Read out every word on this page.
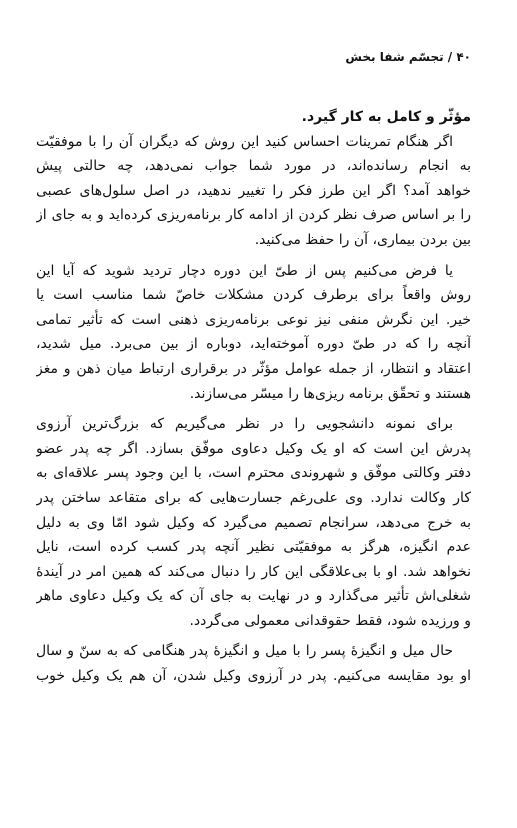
۴۰ / تجسّم شفا بخش
مؤثّر و کامل به کار گیرد.
اگر هنگام تمرینات احساس کنید این روش که دیگران آن را با موفقیّت
به انجام رسانده‌اند، در مورد شما جواب نمی‌دهد، چه حالتی پیش
خواهد آمد؟ اگر این طرز فکر را تغییر ندهید، در اصل سلول‌های عصبی
را بر اساس صرف نظر کردن از ادامه کار برنامه‌ریزی کرده‌اید و به جای از
بین بردن بیماری، آن را حفظ می‌کنید.
یا فرض می‌کنیم پس از طیّ این دوره دچار تردید شوید که آیا این
روش واقعاً برای برطرف کردن مشکلات خاصّ شما مناسب است یا
خیر. این نگرش منفی نیز نوعی برنامه‌ریزی ذهنی است که تأثیر تمامی
آنچه را که در طیّ دوره آموخته‌اید، دوباره از بین می‌برد. میل شدید،
اعتقاد و انتظار، از جمله عوامل مؤثّر در برقراری ارتباط میان ذهن و مغز
هستند و تحقّق برنامه ریزی‌ها را میسّر می‌سازند.
برای نمونه دانشجویی را در نظر می‌گیریم که بزرگ‌ترین آرزوی
پدرش این است که او یک وکیل دعاوی موفّق بسازد. اگر چه پدر عضو
دفتر وکالتی موفّق و شهروندی محترم است، با این وجود پسر علاقه‌ای به
کار وکالت ندارد. وی علی‌رغم جسارت‌هایی که برای متقاعد ساختن پدر
به خرج می‌دهد، سرانجام تصمیم می‌گیرد که وکیل شود امّا وی به دلیل
عدم انگیزه، هرگز به موفقیّتی نظیر آنچه پدر کسب کرده است، نایل
نخواهد شد. او با بی‌علاقگی این کار را دنبال می‌کند که همین امر در آیندهٔ
شغلی‌اش تأثیر می‌گذارد و در نهایت به جای آن که یک وکیل دعاوی ماهر
و ورزیده شود، فقط حقوقدانی معمولی می‌گردد.
حال میل و انگیزهٔ پسر را با میل و انگیزهٔ پدر هنگامی که به سنّ و سال
او بود مقایسه می‌کنیم. پدر در آرزوی وکیل شدن، آن هم یک وکیل خوب
